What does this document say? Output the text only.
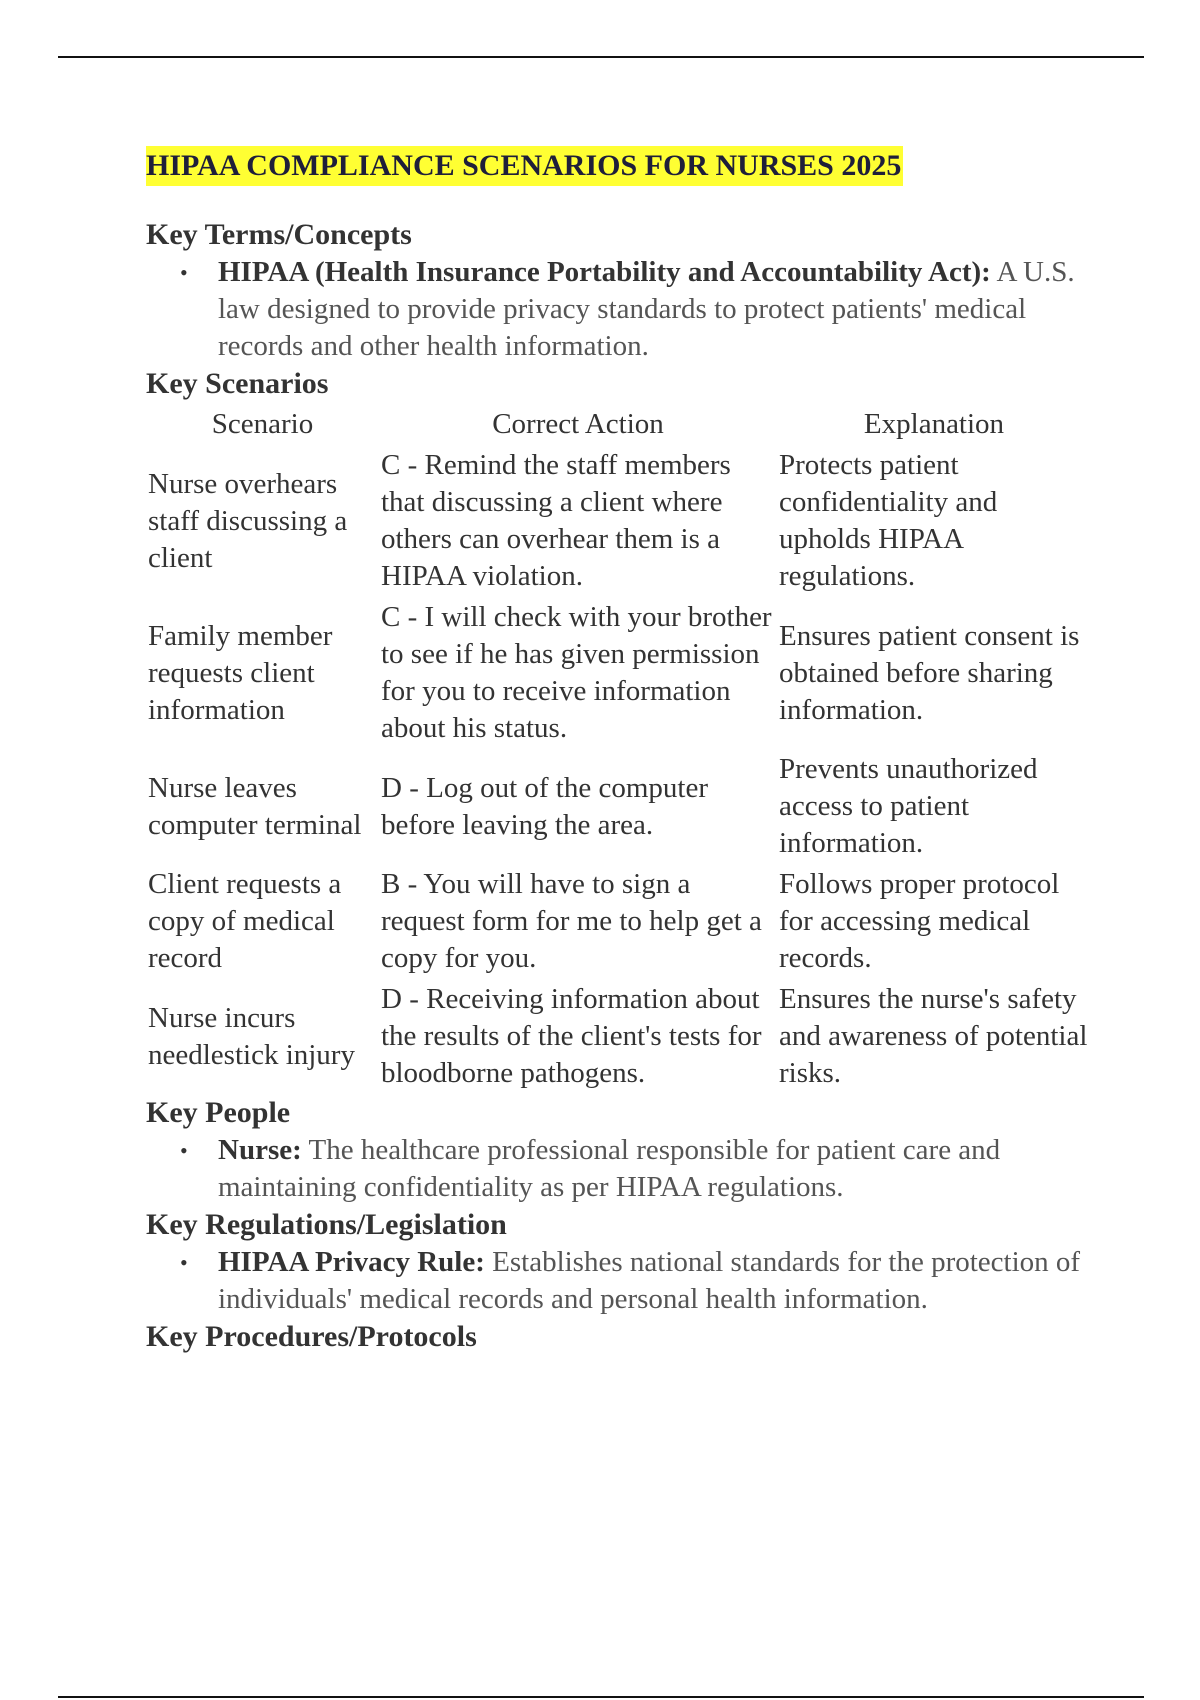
HIPAA COMPLIANCE SCENARIOS FOR NURSES 2025
Key Terms/Concepts
• HIPAA (Health Insurance Portability and Accountability Act): A U.S. law designed to provide privacy standards to protect patients' medical records and other health information.
Key Scenarios
Scenario	Correct Action	Explanation
Nurse overhears staff discussing a client	C - Remind the staff members that discussing a client where others can overhear them is a HIPAA violation.	Protects patient confidentiality and upholds HIPAA regulations.
Family member requests client information	C - I will check with your brother to see if he has given permission for you to receive information about his status.	Ensures patient consent is obtained before sharing information.
Nurse leaves computer terminal	D - Log out of the computer before leaving the area.	Prevents unauthorized access to patient information.
Client requests a copy of medical record	B - You will have to sign a request form for me to help get a copy for you.	Follows proper protocol for accessing medical records.
Nurse incurs needlestick injury	D - Receiving information about the results of the client's tests for bloodborne pathogens.	Ensures the nurse's safety and awareness of potential risks.
Key People
• Nurse: The healthcare professional responsible for patient care and maintaining confidentiality as per HIPAA regulations.
Key Regulations/Legislation
• HIPAA Privacy Rule: Establishes national standards for the protection of individuals' medical records and personal health information.
Key Procedures/Protocols
